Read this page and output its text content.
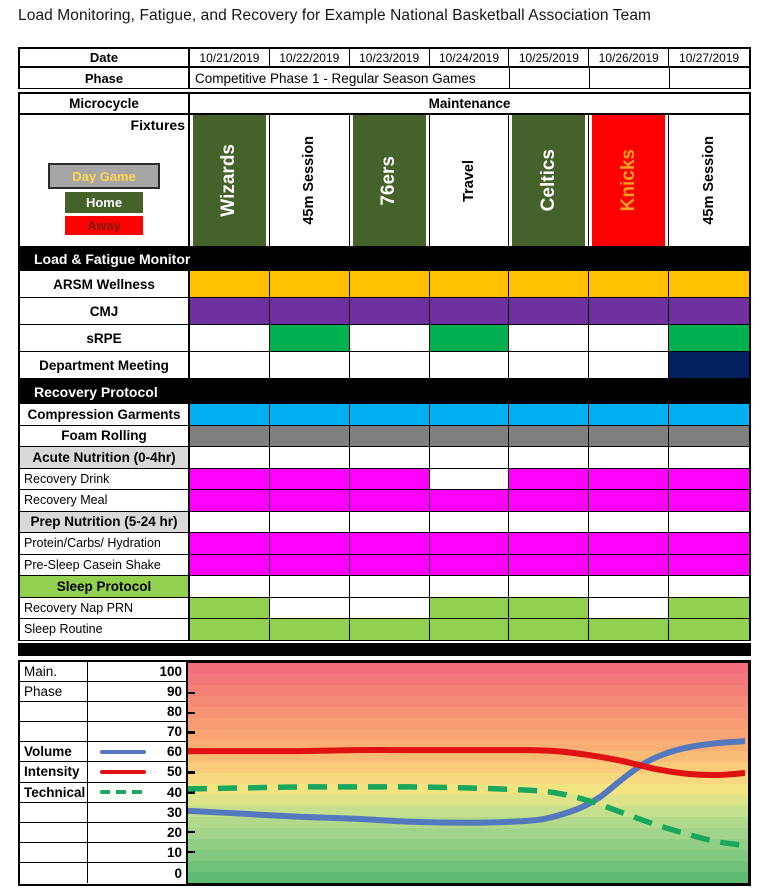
Load Monitoring, Fatigue, and Recovery for Example National Basketball Association Team
Date	10/21/2019	10/22/2019	10/23/2019	10/24/2019	10/25/2019	10/26/2019	10/27/2019
Phase	Competitive Phase 1 - Regular Season Games
Microcycle	Maintenance
Fixtures
Day Game
Home
Away
Wizards	45m Session	76ers	Travel	Celtics	Knicks	45m Session
Load & Fatigue Monitor
ARSM Wellness
CMJ
sRPE
Department Meeting
Recovery Protocol
Compression Garments
Foam Rolling
Acute Nutrition (0-4hr)
Recovery Drink
Recovery Meal
Prep Nutrition (5-24 hr)
Protein/Carbs/ Hydration
Pre-Sleep Casein Shake
Sleep Protocol
Recovery Nap PRN
Sleep Routine
Main.	100
Phase	90
80
70
Volume	60
Intensity	50
Technical	40
30
20
10
0
